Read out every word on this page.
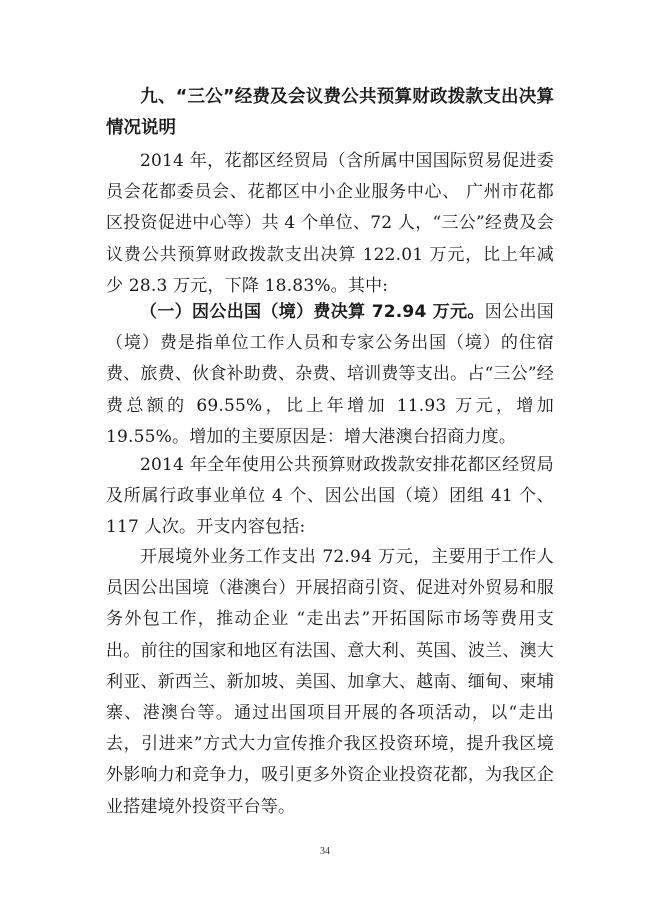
九、“三公”经费及会议费公共预算财政拨款支出决算情况说明
2014 年，花都区经贸局（含所属中国国际贸易促进委员会花都委员会、花都区中小企业服务中心、 广州市花都区投资促进中心等）共 4 个单位、72 人，“三公”经费及会议费公共预算财政拨款支出决算 122.01 万元，比上年减少 28.3 万元，下降 18.83%。其中:
（一）因公出国（境）费决算 72.94 万元。因公出国（境）费是指单位工作人员和专家公务出国（境）的住宿费、旅费、伙食补助费、杂费、培训费等支出。占“三公”经费总额的 69.55%，比上年增加 11.93 万元，增加 19.55%。增加的主要原因是：增大港澳台招商力度。
2014 年全年使用公共预算财政拨款安排花都区经贸局及所属行政事业单位 4 个、因公出国（境）团组 41 个、117 人次。开支内容包括:
开展境外业务工作支出 72.94 万元，主要用于工作人员因公出国境（港澳台）开展招商引资、促进对外贸易和服务外包工作，推动企业 “走出去”开拓国际市场等费用支出。前往的国家和地区有法国、意大利、英国、波兰、澳大利亚、新西兰、新加坡、美国、加拿大、越南、缅甸、柬埔寨、港澳台等。通过出国项目开展的各项活动，以“走出去，引进来”方式大力宣传推介我区投资环境，提升我区境外影响力和竞争力，吸引更多外资企业投资花都，为我区企业搭建境外投资平台等。
34
